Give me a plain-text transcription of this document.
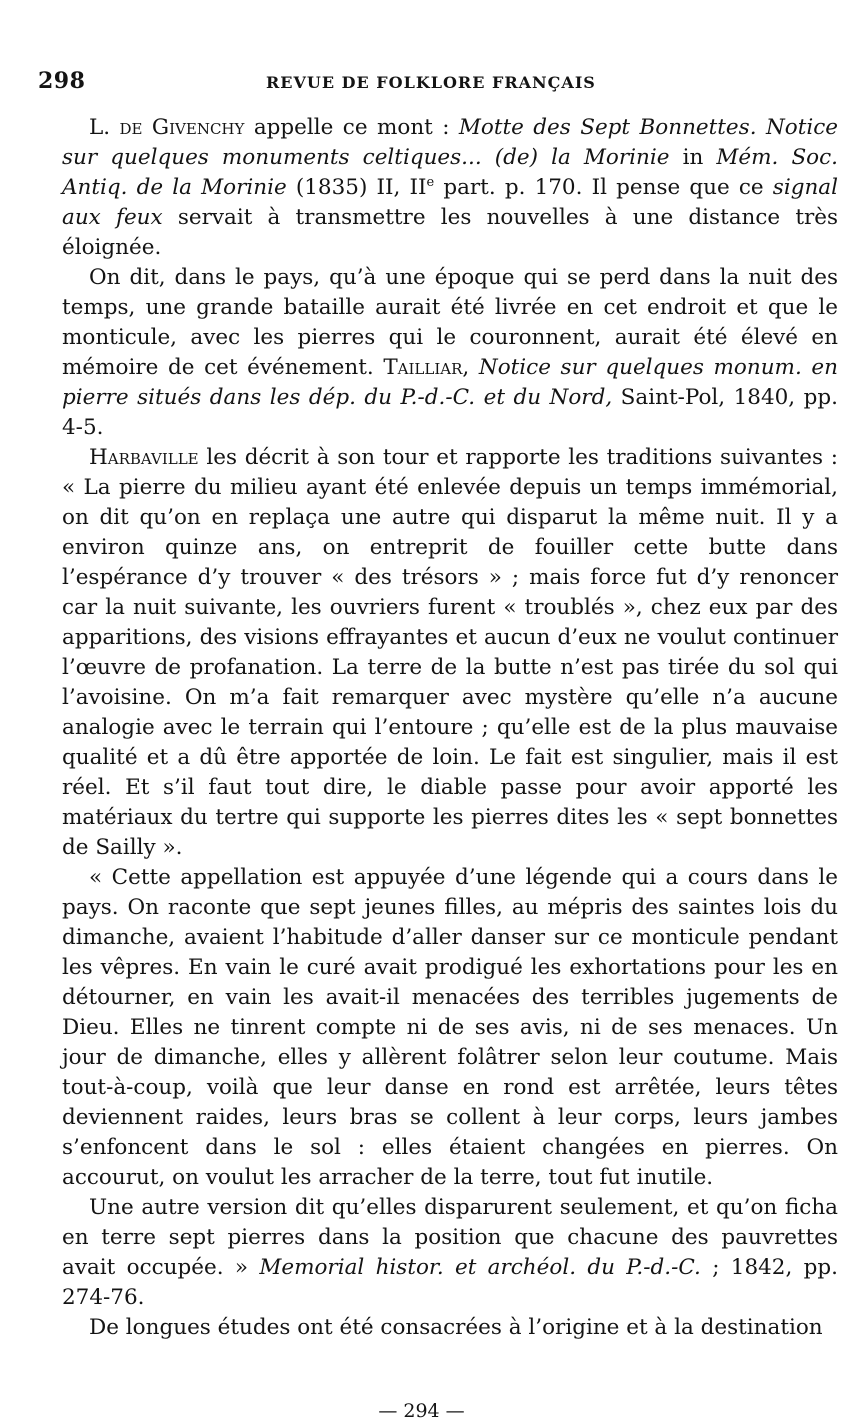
298	REVUE DE FOLKLORE FRANÇAIS

L. de Givenchy appelle ce mont : Motte des Sept Bonnettes. Notice sur quelques monuments celtiques... (de) la Morinie in Mém. Soc. Antiq. de la Morinie (1835) II, IIe part. p. 170. Il pense que ce signal aux feux servait à transmettre les nouvelles à une distance très éloignée.

On dit, dans le pays, qu’à une époque qui se perd dans la nuit des temps, une grande bataille aurait été livrée en cet endroit et que le monticule, avec les pierres qui le couronnent, aurait été élevé en mémoire de cet événement. Tailliar, Notice sur quelques monum. en pierre situés dans les dép. du P.-d.-C. et du Nord, Saint-Pol, 1840, pp. 4-5.

Harbaville les décrit à son tour et rapporte les traditions suivantes : « La pierre du milieu ayant été enlevée depuis un temps immémorial, on dit qu’on en replaça une autre qui disparut la même nuit. Il y a environ quinze ans, on entreprit de fouiller cette butte dans l’espérance d’y trouver « des trésors » ; mais force fut d’y renoncer car la nuit suivante, les ouvriers furent « troublés », chez eux par des apparitions, des visions effrayantes et aucun d’eux ne voulut continuer l’œuvre de profanation. La terre de la butte n’est pas tirée du sol qui l’avoisine. On m’a fait remarquer avec mystère qu’elle n’a aucune analogie avec le terrain qui l’entoure ; qu’elle est de la plus mauvaise qualité et a dû être apportée de loin. Le fait est singulier, mais il est réel. Et s’il faut tout dire, le diable passe pour avoir apporté les matériaux du tertre qui supporte les pierres dites les « sept bonnettes de Sailly ».

« Cette appellation est appuyée d’une légende qui a cours dans le pays. On raconte que sept jeunes filles, au mépris des saintes lois du dimanche, avaient l’habitude d’aller danser sur ce monticule pendant les vêpres. En vain le curé avait prodigué les exhortations pour les en détourner, en vain les avait-il menacées des terribles jugements de Dieu. Elles ne tinrent compte ni de ses avis, ni de ses menaces. Un jour de dimanche, elles y allèrent folâtrer selon leur coutume. Mais tout-à-coup, voilà que leur danse en rond est arrêtée, leurs têtes deviennent raides, leurs bras se collent à leur corps, leurs jambes s’enfoncent dans le sol : elles étaient changées en pierres. On accourut, on voulut les arracher de la terre, tout fut inutile.

Une autre version dit qu’elles disparurent seulement, et qu’on ficha en terre sept pierres dans la position que chacune des pauvrettes avait occupée. » Memorial histor. et archéol. du P.-d.-C. ; 1842, pp. 274-76.

De longues études ont été consacrées à l’origine et à la destination

— 294 —
